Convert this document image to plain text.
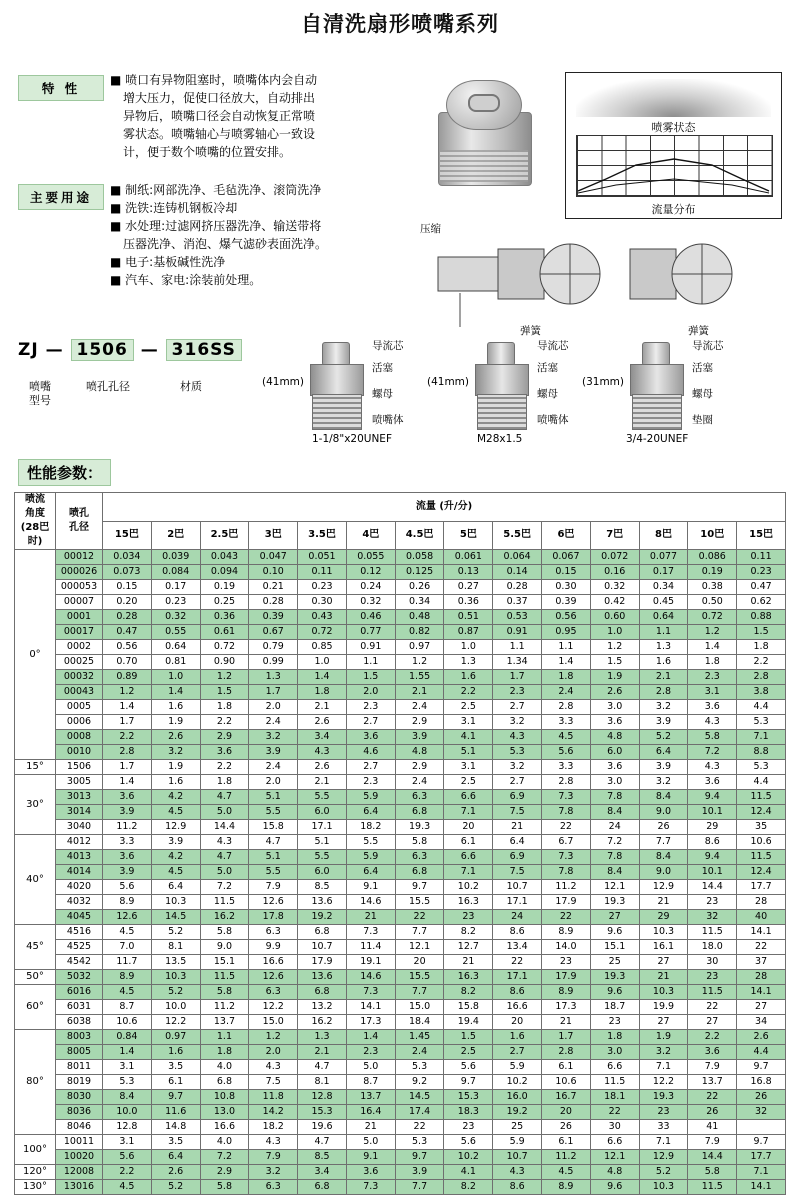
自清洗扇形喷嘴系列
特 性

■ 喷口有异物阻塞时，喷嘴体内会自动

增大压力，促使口径放大，自动排出

异物后，喷嘴口径会自动恢复正常喷

雾状态。喷嘴轴心与喷雾轴心一致设

计，便于数个喷嘴的位置安排。

主要用途	■ 制纸:网部洗净、毛毡洗净、滚筒洗净

■ 洗铁:连铸机钢板冷却

■ 水处理:过滤网挤压器洗净、输送带将

压器洗净、消泡、爆气滤砂表面洗净。

■ 电子:基板碱性洗净

■ 汽车、家电:涂装前处理。

喷雾状态
流量分布
压缩
弹簧	弹簧
ZJ — 1506 — 316SS
喷嘴
型号
喷孔孔径	材质
导流芯
活塞
螺母
喷嘴体
(41mm)
1-1/8"x20UNEF
导流芯
活塞
螺母
喷嘴体
(41mm)
M28x1.5
导流芯
活塞
螺母
垫圈
(31mm)
3/4-20UNEF
性能参数：
喷流
角度
(28巴
时)

喷孔
孔径
	流量 (升/分)
		15巴	2巴	2.5巴	3巴	3.5巴	4巴	4.5巴	5巴	5.5巴	6巴	7巴	8巴	10巴	15巴
0°	00012	0.034	0.039	0.043	0.047	0.051	0.055	0.058	0.061	0.064	0.067	0.072	0.077	0.086	0.11
	000026	0.073	0.084	0.094	0.10	0.11	0.12	0.125	0.13	0.14	0.15	0.16	0.17	0.19	0.23
	000053	0.15	0.17	0.19	0.21	0.23	0.24	0.26	0.27	0.28	0.30	0.32	0.34	0.38	0.47
	00007	0.20	0.23	0.25	0.28	0.30	0.32	0.34	0.36	0.37	0.39	0.42	0.45	0.50	0.62
	0001	0.28	0.32	0.36	0.39	0.43	0.46	0.48	0.51	0.53	0.56	0.60	0.64	0.72	0.88
	00017	0.47	0.55	0.61	0.67	0.72	0.77	0.82	0.87	0.91	0.95	1.0	1.1	1.2	1.5
	0002	0.56	0.64	0.72	0.79	0.85	0.91	0.97	1.0	1.1	1.1	1.2	1.3	1.4	1.8
	00025	0.70	0.81	0.90	0.99	1.0	1.1	1.2	1.3	1.34	1.4	1.5	1.6	1.8	2.2
	00032	0.89	1.0	1.2	1.3	1.4	1.5	1.55	1.6	1.7	1.8	1.9	2.1	2.3	2.8
	00043	1.2	1.4	1.5	1.7	1.8	2.0	2.1	2.2	2.3	2.4	2.6	2.8	3.1	3.8
	0005	1.4	1.6	1.8	2.0	2.1	2.3	2.4	2.5	2.7	2.8	3.0	3.2	3.6	4.4
	0006	1.7	1.9	2.2	2.4	2.6	2.7	2.9	3.1	3.2	3.3	3.6	3.9	4.3	5.3
	0008	2.2	2.6	2.9	3.2	3.4	3.6	3.9	4.1	4.3	4.5	4.8	5.2	5.8	7.1
	0010	2.8	3.2	3.6	3.9	4.3	4.6	4.8	5.1	5.3	5.6	6.0	6.4	7.2	8.8
15°	1506	1.7	1.9	2.2	2.4	2.6	2.7	2.9	3.1	3.2	3.3	3.6	3.9	4.3	5.3
30°	3005	1.4	1.6	1.8	2.0	2.1	2.3	2.4	2.5	2.7	2.8	3.0	3.2	3.6	4.4
	3013	3.6	4.2	4.7	5.1	5.5	5.9	6.3	6.6	6.9	7.3	7.8	8.4	9.4	11.5
	3014	3.9	4.5	5.0	5.5	6.0	6.4	6.8	7.1	7.5	7.8	8.4	9.0	10.1	12.4
	3040	11.2	12.9	14.4	15.8	17.1	18.2	19.3	20	21	22	24	26	29	35
40°	4012	3.3	3.9	4.3	4.7	5.1	5.5	5.8	6.1	6.4	6.7	7.2	7.7	8.6	10.6
	4013	3.6	4.2	4.7	5.1	5.5	5.9	6.3	6.6	6.9	7.3	7.8	8.4	9.4	11.5
	4014	3.9	4.5	5.0	5.5	6.0	6.4	6.8	7.1	7.5	7.8	8.4	9.0	10.1	12.4
	4020	5.6	6.4	7.2	7.9	8.5	9.1	9.7	10.2	10.7	11.2	12.1	12.9	14.4	17.7
	4032	8.9	10.3	11.5	12.6	13.6	14.6	15.5	16.3	17.1	17.9	19.3	21	23	28
	4045	12.6	14.5	16.2	17.8	19.2	21	22	23	24	22	27	29	32	40
45°	4516	4.5	5.2	5.8	6.3	6.8	7.3	7.7	8.2	8.6	8.9	9.6	10.3	11.5	14.1
	4525	7.0	8.1	9.0	9.9	10.7	11.4	12.1	12.7	13.4	14.0	15.1	16.1	18.0	22
	4542	11.7	13.5	15.1	16.6	17.9	19.1	20	21	22	23	25	27	30	37
50°	5032	8.9	10.3	11.5	12.6	13.6	14.6	15.5	16.3	17.1	17.9	19.3	21	23	28
60°	6016	4.5	5.2	5.8	6.3	6.8	7.3	7.7	8.2	8.6	8.9	9.6	10.3	11.5	14.1
	6031	8.7	10.0	11.2	12.2	13.2	14.1	15.0	15.8	16.6	17.3	18.7	19.9	22	27
	6038	10.6	12.2	13.7	15.0	16.2	17.3	18.4	19.4	20	21	23	27	27	34
80°	8003	0.84	0.97	1.1	1.2	1.3	1.4	1.45	1.5	1.6	1.7	1.8	1.9	2.2	2.6
	8005	1.4	1.6	1.8	2.0	2.1	2.3	2.4	2.5	2.7	2.8	3.0	3.2	3.6	4.4
	8011	3.1	3.5	4.0	4.3	4.7	5.0	5.3	5.6	5.9	6.1	6.6	7.1	7.9	9.7
	8019	5.3	6.1	6.8	7.5	8.1	8.7	9.2	9.7	10.2	10.6	11.5	12.2	13.7	16.8
	8030	8.4	9.7	10.8	11.8	12.8	13.7	14.5	15.3	16.0	16.7	18.1	19.3	22	26
	8036	10.0	11.6	13.0	14.2	15.3	16.4	17.4	18.3	19.2	20	22	23	26	32
	8046	12.8	14.8	16.6	18.2	19.6	21	22	23	25	26	30	33	41	
100°	10011	3.1	3.5	4.0	4.3	4.7	5.0	5.3	5.6	5.9	6.1	6.6	7.1	7.9	9.7
	10020	5.6	6.4	7.2	7.9	8.5	9.1	9.7	10.2	10.7	11.2	12.1	12.9	14.4	17.7
120°	12008	2.2	2.6	2.9	3.2	3.4	3.6	3.9	4.1	4.3	4.5	4.8	5.2	5.8	7.1
130°	13016	4.5	5.2	5.8	6.3	6.8	7.3	7.7	8.2	8.6	8.9	9.6	10.3	11.5	14.1
